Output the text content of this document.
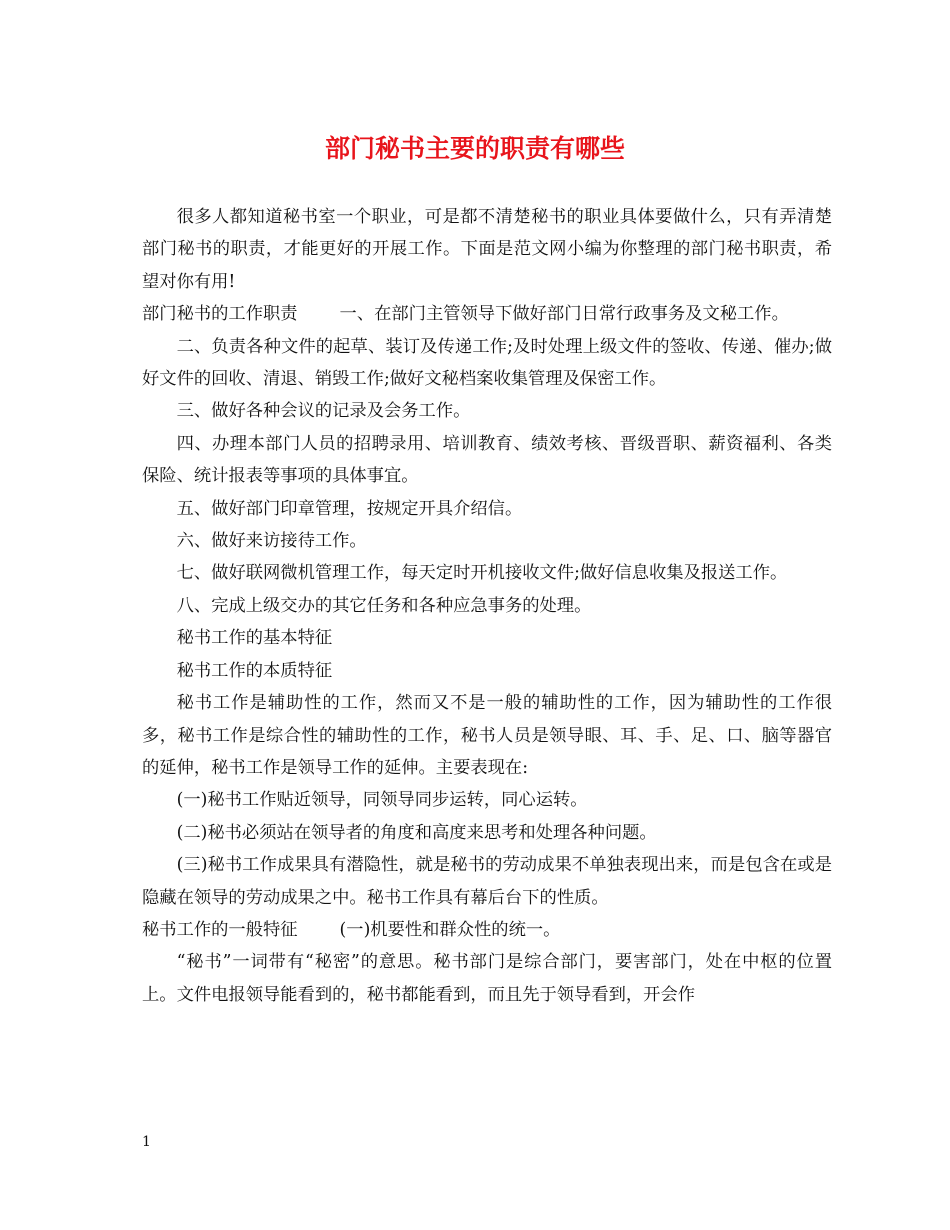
部门秘书主要的职责有哪些

很多人都知道秘书室一个职业，可是都不清楚秘书的职业具体要做什么，只有弄清楚部门秘书的职责，才能更好的开展工作。下面是范文网小编为你整理的部门秘书职责，希望对你有用!

部门秘书的工作职责 一、在部门主管领导下做好部门日常行政事务及文秘工作。

二、负责各种文件的起草、装订及传递工作;及时处理上级文件的签收、传递、催办;做好文件的回收、清退、销毁工作;做好文秘档案收集管理及保密工作。

三、做好各种会议的记录及会务工作。

四、办理本部门人员的招聘录用、培训教育、绩效考核、晋级晋职、薪资福利、各类保险、统计报表等事项的具体事宜。

五、做好部门印章管理，按规定开具介绍信。

六、做好来访接待工作。

七、做好联网微机管理工作，每天定时开机接收文件;做好信息收集及报送工作。

八、完成上级交办的其它任务和各种应急事务的处理。

秘书工作的基本特征

秘书工作的本质特征

秘书工作是辅助性的工作，然而又不是一般的辅助性的工作，因为辅助性的工作很多，秘书工作是综合性的辅助性的工作，秘书人员是领导眼、耳、手、足、口、脑等器官的延伸，秘书工作是领导工作的延伸。主要表现在:

(一)秘书工作贴近领导，同领导同步运转，同心运转。

(二)秘书必须站在领导者的角度和高度来思考和处理各种问题。

(三)秘书工作成果具有潜隐性，就是秘书的劳动成果不单独表现出来，而是包含在或是隐藏在领导的劳动成果之中。秘书工作具有幕后台下的性质。

秘书工作的一般特征 (一)机要性和群众性的统一。

“秘书”一词带有“秘密”的意思。秘书部门是综合部门，要害部门，处在中枢的位置上。文件电报领导能看到的，秘书都能看到，而且先于领导看到，开会作

1
